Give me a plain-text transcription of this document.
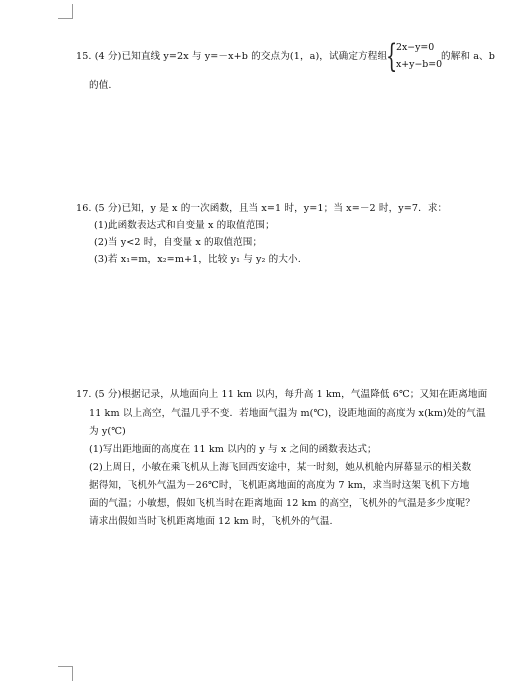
15. (4 分)已知直线 y=2x 与 y=－x+b 的交点为(1，a)，试确定方程组
{
2x−y=0
x+y−b=0
的解和 a、b
的值.
16. (5 分)已知，y 是 x 的一次函数，且当 x=1 时，y=1；当 x=－2 时，y=7．求：
(1)此函数表达式和自变量 x 的取值范围；
(2)当 y<2 时，自变量 x 的取值范围；
(3)若 x₁=m，x₂=m+1，比较 y₁ 与 y₂ 的大小.
17. (5 分)根据记录，从地面向上 11 km 以内，每升高 1 km，气温降低 6℃；又知在距离地面
11 km 以上高空，气温几乎不变．若地面气温为 m(℃)，设距地面的高度为 x(km)处的气温
为 y(℃)
(1)写出距地面的高度在 11 km 以内的 y 与 x 之间的函数表达式；
(2)上周日，小敏在乘飞机从上海飞回西安途中，某一时刻，她从机舱内屏幕显示的相关数
据得知，飞机外气温为－26℃时，飞机距离地面的高度为 7 km，求当时这架飞机下方地
面的气温；小敏想，假如飞机当时在距离地面 12 km 的高空，飞机外的气温是多少度呢？
请求出假如当时飞机距离地面 12 km 时，飞机外的气温.
